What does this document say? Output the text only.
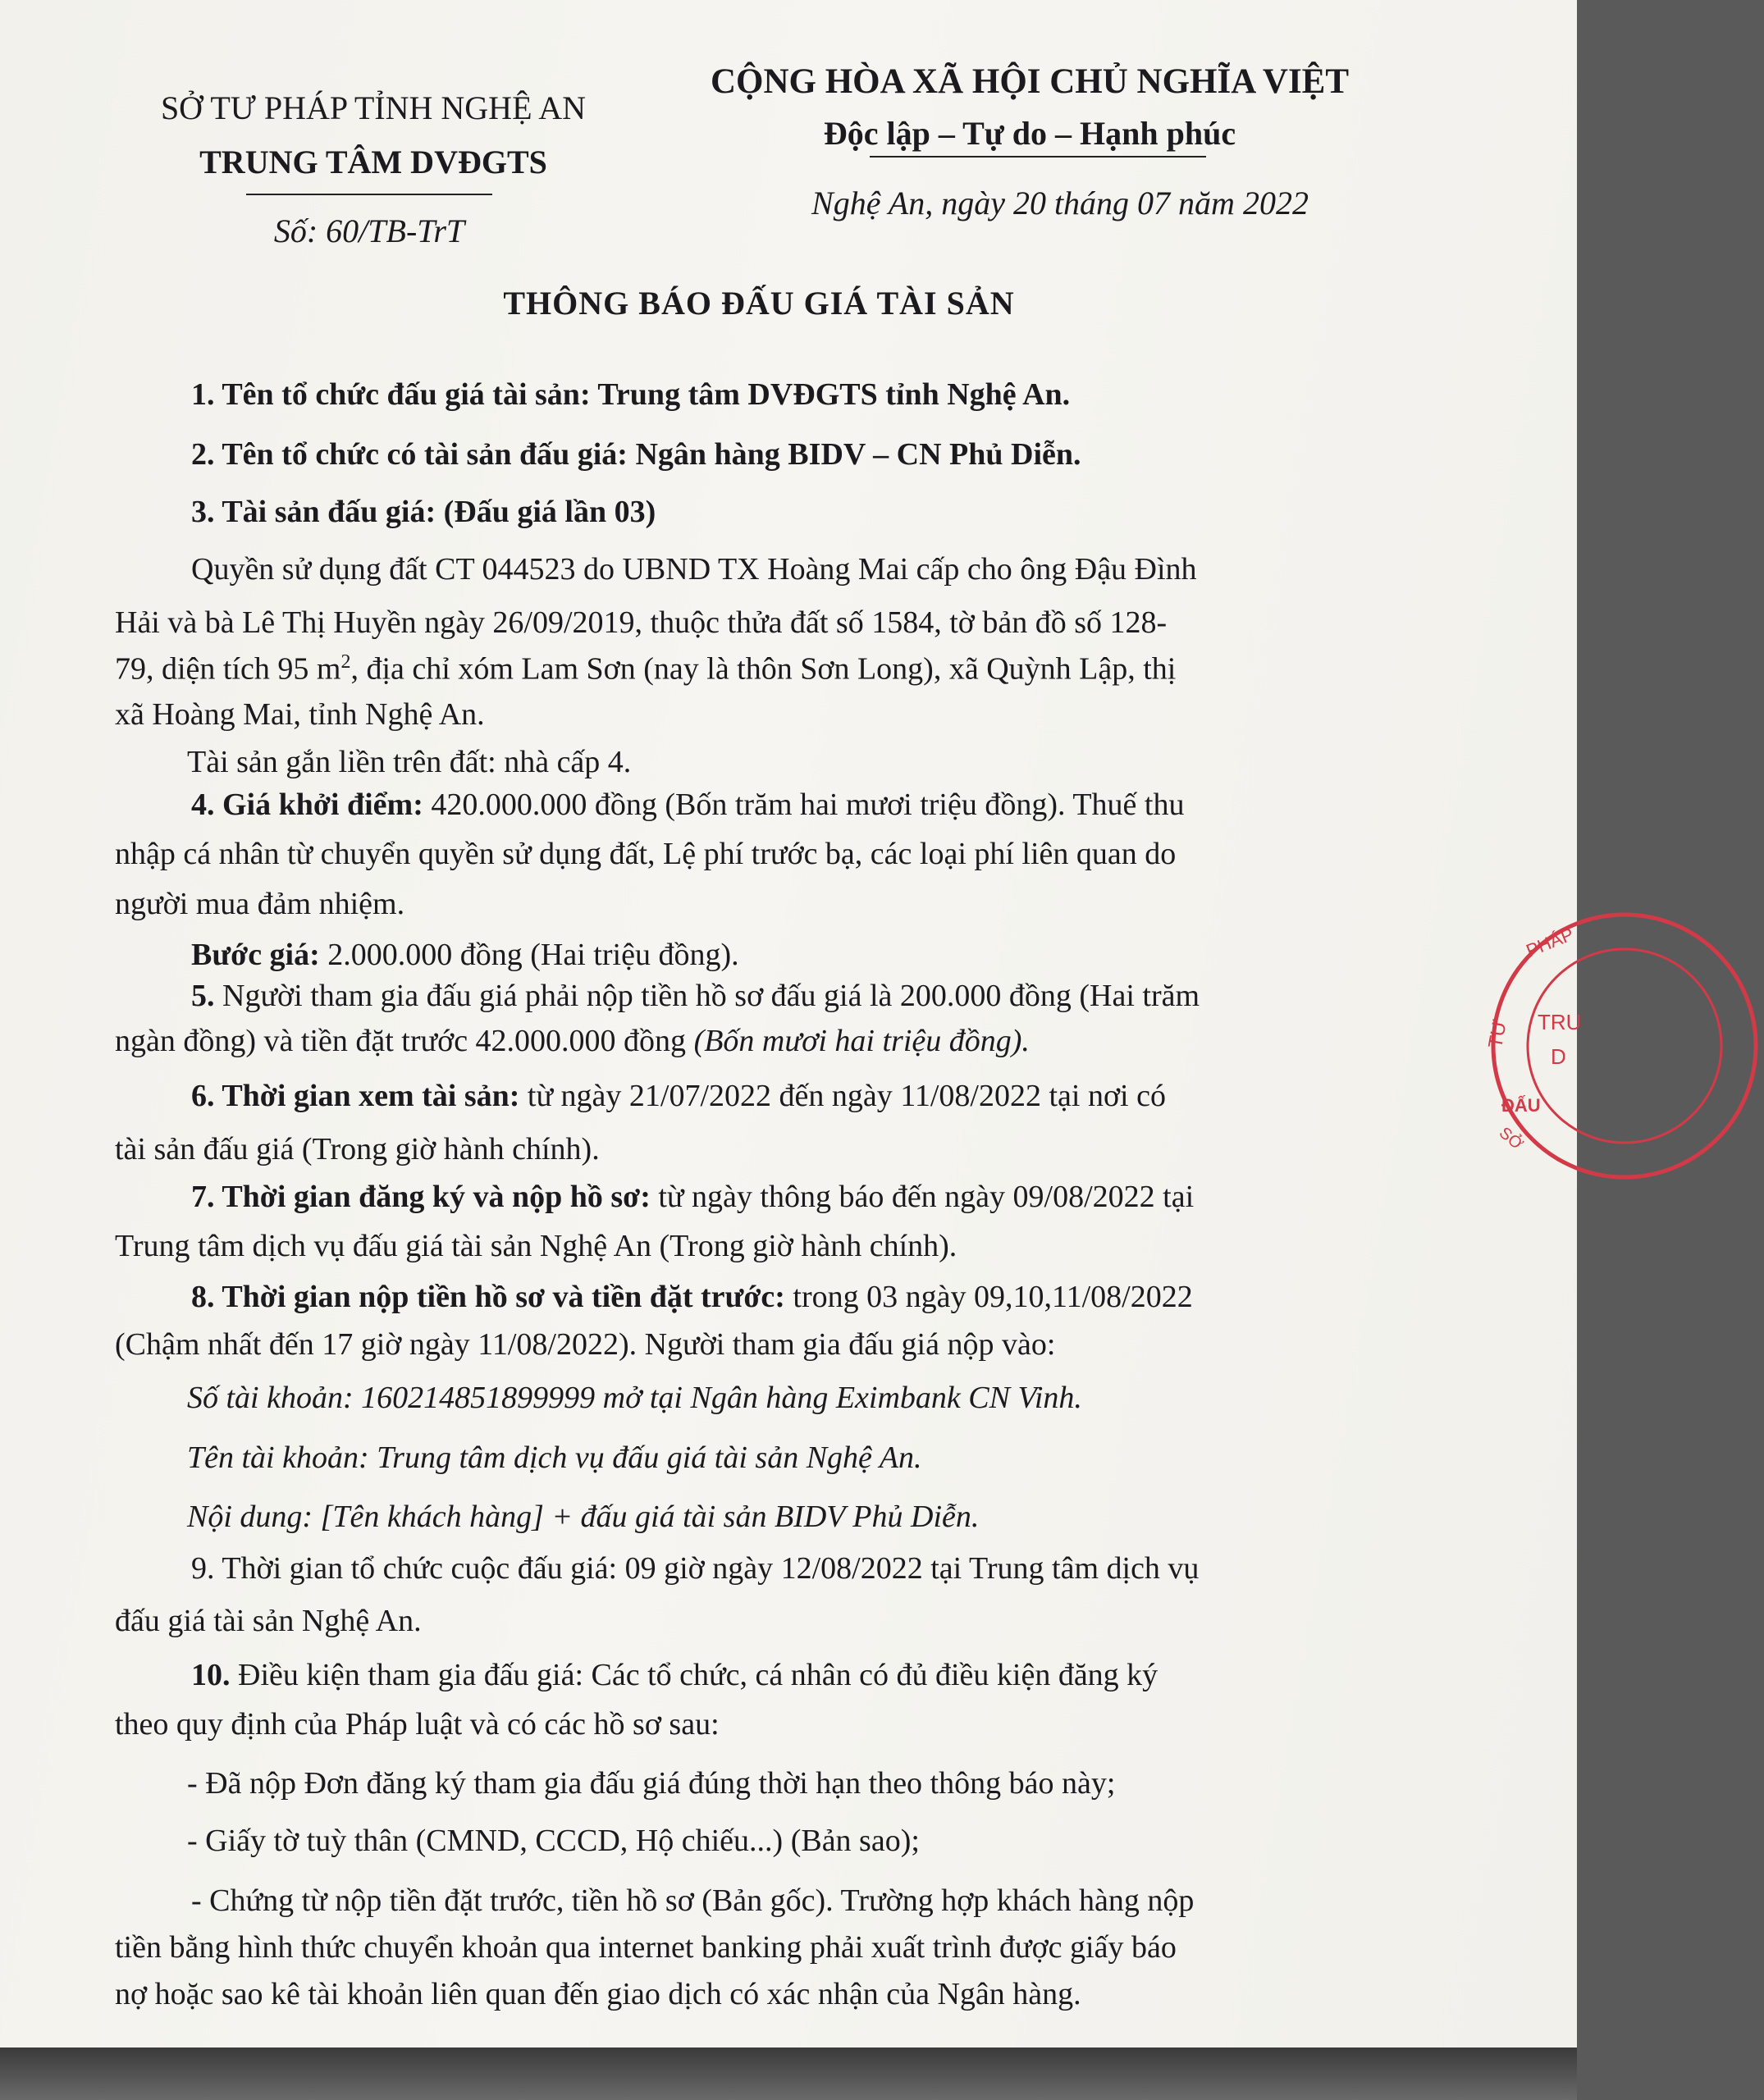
SỞ TƯ PHÁP TỈNH NGHỆ AN
TRUNG TÂM DVĐGTS
Số: 60/TB-TrT
CỘNG HÒA XÃ HỘI CHỦ NGHĨA VIỆT
Độc lập – Tự do – Hạnh phúc
Nghệ An, ngày 20 tháng 07 năm 2022
THÔNG BÁO ĐẤU GIÁ TÀI SẢN
1. Tên tổ chức đấu giá tài sản: Trung tâm DVĐGTS tỉnh Nghệ An.
2. Tên tổ chức có tài sản đấu giá: Ngân hàng BIDV – CN Phủ Diễn.
3. Tài sản đấu giá: (Đấu giá lần 03)
Quyền sử dụng đất CT 044523 do UBND TX Hoàng Mai cấp cho ông Đậu Đình
Hải và bà Lê Thị Huyền ngày 26/09/2019, thuộc thửa đất số 1584, tờ bản đồ số 128-
79, diện tích 95 $m^2$, địa chỉ xóm Lam Sơn (nay là thôn Sơn Long), xã Quỳnh Lập, thị
xã Hoàng Mai, tỉnh Nghệ An.
Tài sản gắn liền trên đất: nhà cấp 4.
4. Giá khởi điểm: 420.000.000 đồng (Bốn trăm hai mươi triệu đồng). Thuế thu
nhập cá nhân từ chuyển quyền sử dụng đất, Lệ phí trước bạ, các loại phí liên quan do
người mua đảm nhiệm.
Bước giá: 2.000.000 đồng (Hai triệu đồng).
5. Người tham gia đấu giá phải nộp tiền hồ sơ đấu giá là 200.000 đồng (Hai trăm
ngàn đồng) và tiền đặt trước 42.000.000 đồng (Bốn mươi hai triệu đồng).
6. Thời gian xem tài sản: từ ngày 21/07/2022 đến ngày 11/08/2022 tại nơi có
tài sản đấu giá (Trong giờ hành chính).
7. Thời gian đăng ký và nộp hồ sơ: từ ngày thông báo đến ngày 09/08/2022 tại
Trung tâm dịch vụ đấu giá tài sản Nghệ An (Trong giờ hành chính).
8. Thời gian nộp tiền hồ sơ và tiền đặt trước: trong 03 ngày 09,10,11/08/2022
(Chậm nhất đến 17 giờ ngày 11/08/2022). Người tham gia đấu giá nộp vào:
Số tài khoản: 160214851899999 mở tại Ngân hàng Eximbank CN Vinh.
Tên tài khoản: Trung tâm dịch vụ đấu giá tài sản Nghệ An.
Nội dung: [Tên khách hàng] + đấu giá tài sản BIDV Phủ Diễn.
9. Thời gian tổ chức cuộc đấu giá: 09 giờ ngày 12/08/2022 tại Trung tâm dịch vụ
đấu giá tài sản Nghệ An.
10. Điều kiện tham gia đấu giá: Các tổ chức, cá nhân có đủ điều kiện đăng ký
theo quy định của Pháp luật và có các hồ sơ sau:
- Đã nộp Đơn đăng ký tham gia đấu giá đúng thời hạn theo thông báo này;
- Giấy tờ tuỳ thân (CMND, CCCD, Hộ chiếu...) (Bản sao);
- Chứng từ nộp tiền đặt trước, tiền hồ sơ (Bản gốc). Trường hợp khách hàng nộp
tiền bằng hình thức chuyển khoản qua internet banking phải xuất trình được giấy báo
nợ hoặc sao kê tài khoản liên quan đến giao dịch có xác nhận của Ngân hàng.
PHÁP
TƯ TRU
D
ĐẤU
SỞ
